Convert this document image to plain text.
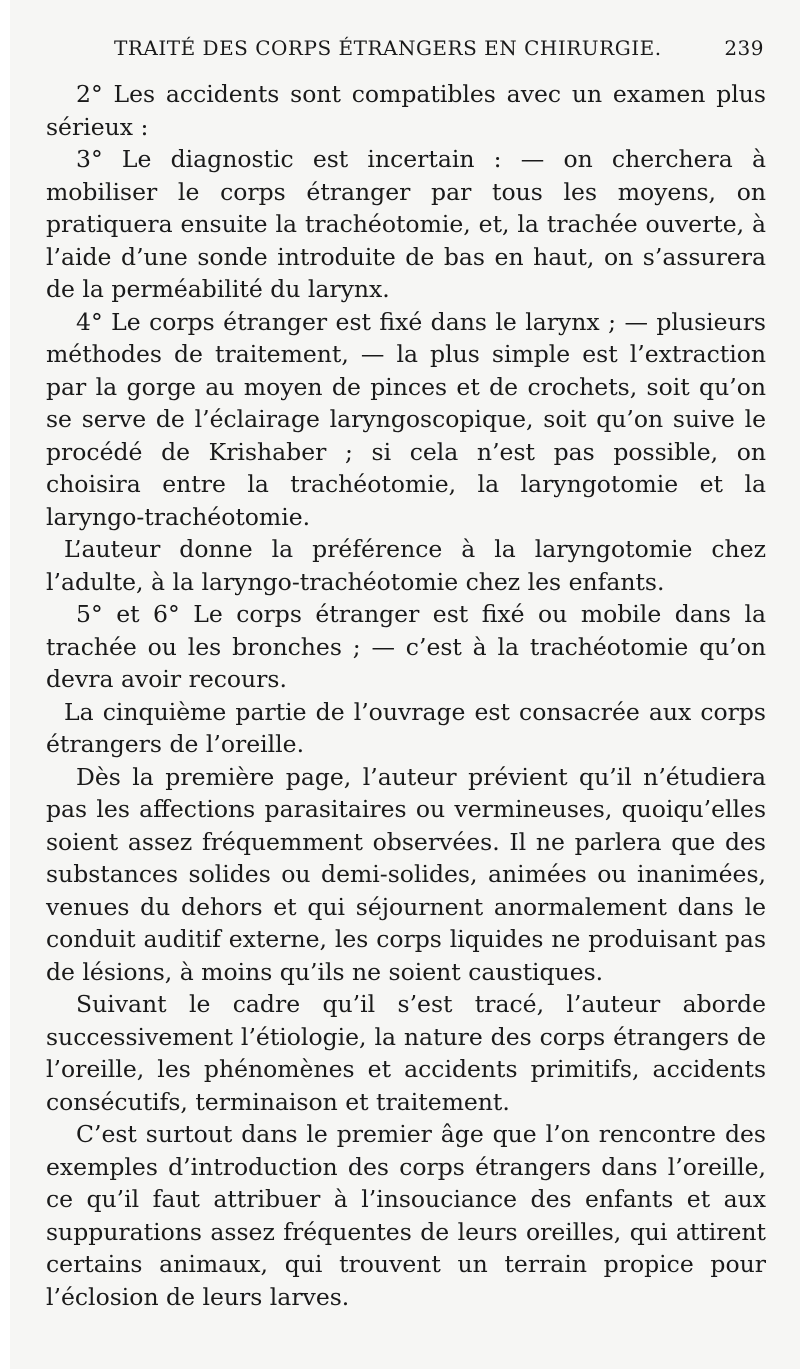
TRAITÉ DES CORPS ÉTRANGERS EN CHIRURGIE.	239

2° Les accidents sont compatibles avec un examen plus sérieux :

3° Le diagnostic est incertain : — on cherchera à mobiliser le corps étranger par tous les moyens, on pratiquera ensuite la trachéotomie, et, la trachée ouverte, à l’aide d’une sonde introduite de bas en haut, on s’assurera de la perméabilité du larynx.

4° Le corps étranger est fixé dans le larynx ; — plusieurs méthodes de traitement, — la plus simple est l’extraction par la gorge au moyen de pinces et de crochets, soit qu’on se serve de l’éclairage laryngoscopique, soit qu’on suive le procédé de Krishaber ; si cela n’est pas possible, on choisira entre la trachéotomie, la laryngotomie et la laryngo-trachéotomie.

L’auteur donne la préférence à la laryngotomie chez l’adulte, à la laryngo-trachéotomie chez les enfants.

5° et 6° Le corps étranger est fixé ou mobile dans la trachée ou les bronches ; — c’est à la trachéotomie qu’on devra avoir recours.

La cinquième partie de l’ouvrage est consacrée aux corps étrangers de l’oreille.

Dès la première page, l’auteur prévient qu’il n’étudiera pas les affections parasitaires ou vermineuses, quoiqu’elles soient assez fréquemment observées. Il ne parlera que des substances solides ou demi-solides, animées ou inanimées, venues du dehors et qui séjournent anormalement dans le conduit auditif externe, les corps liquides ne produisant pas de lésions, à moins qu’ils ne soient caustiques.

Suivant le cadre qu’il s’est tracé, l’auteur aborde successivement l’étiologie, la nature des corps étrangers de l’oreille, les phénomènes et accidents primitifs, accidents consécutifs, terminaison et traitement.

C’est surtout dans le premier âge que l’on rencontre des exemples d’introduction des corps étrangers dans l’oreille, ce qu’il faut attribuer à l’insouciance des enfants et aux suppurations assez fréquentes de leurs oreilles, qui attirent certains animaux, qui trouvent un terrain propice pour l’éclosion de leurs larves.
